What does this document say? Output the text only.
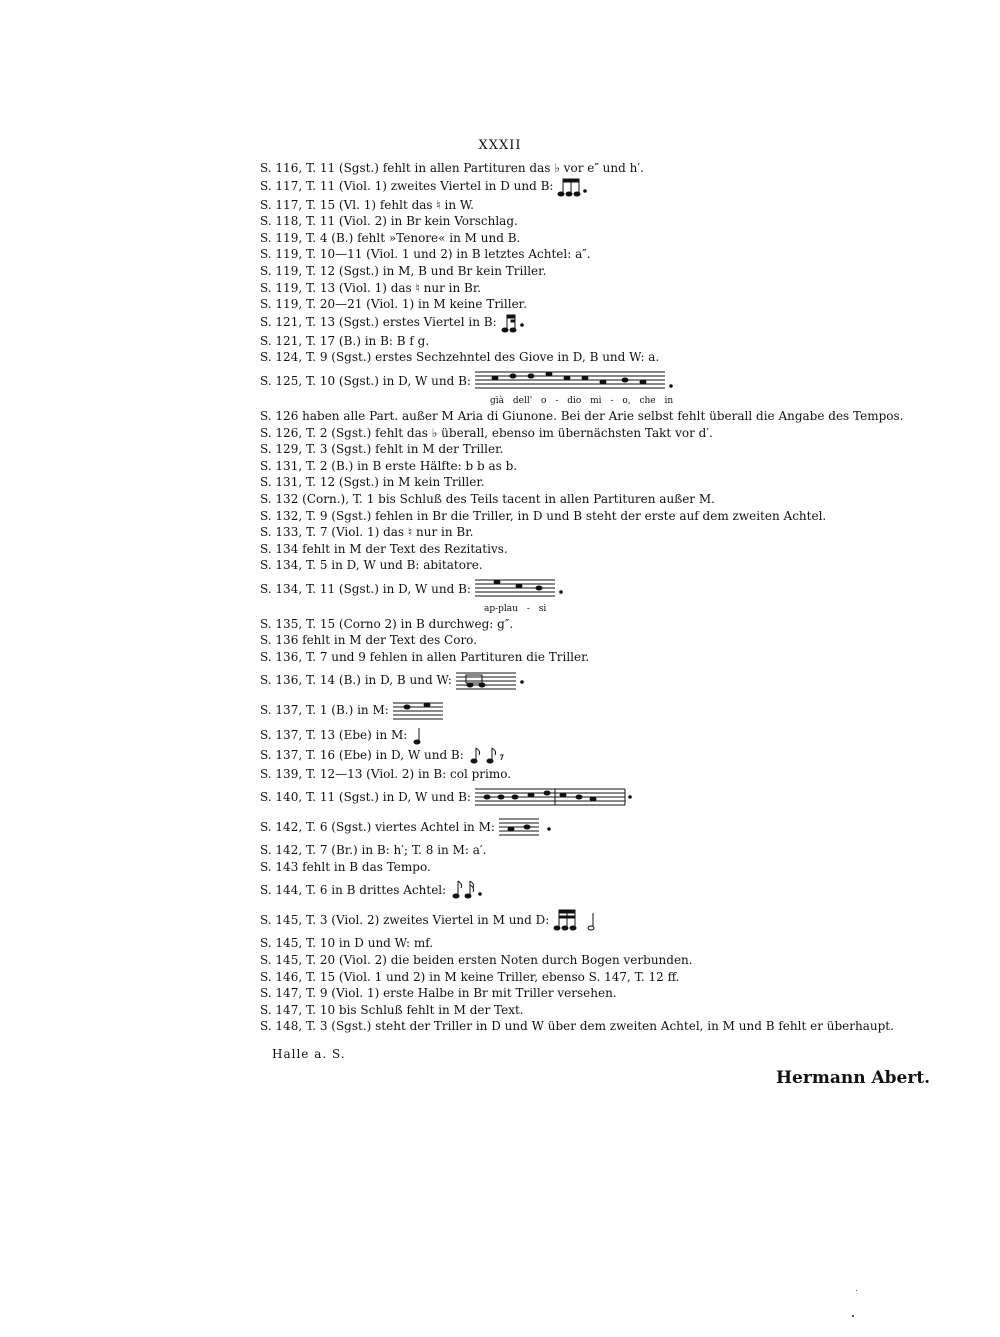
XXXII
S. 116, T. 11 (Sgst.) fehlt in allen Partituren das ♭ vor e″ und h′.
S. 117, T. 11 (Viol. 1) zweites Viertel in D und B:
S. 117, T. 15 (Vl. 1) fehlt das ♮ in W.
S. 118, T. 11 (Viol. 2) in Br kein Vorschlag.
S. 119, T. 4 (B.) fehlt »Tenore« in M und B.
S. 119, T. 10—11 (Viol. 1 und 2) in B letztes Achtel: a″.
S. 119, T. 12 (Sgst.) in M, B und Br kein Triller.
S. 119, T. 13 (Viol. 1) das ♮ nur in Br.
S. 119, T. 20—21 (Viol. 1) in M keine Triller.
S. 121, T. 13 (Sgst.) erstes Viertel in B:
S. 121, T. 17 (B.) in B: B f g.
S. 124, T. 9 (Sgst.) erstes Sechzehntel des Giove in D, B und W: a.
S. 125, T. 10 (Sgst.) in D, W und B:
già dell' o - dio mi - o, che in
S. 126 haben alle Part. außer M Aria di Giunone. Bei der Arie selbst fehlt überall die Angabe des Tempos.
S. 126, T. 2 (Sgst.) fehlt das ♭ überall, ebenso im übernächsten Takt vor d′.
S. 129, T. 3 (Sgst.) fehlt in M der Triller.
S. 131, T. 2 (B.) in B erste Hälfte: b b as b.
S. 131, T. 12 (Sgst.) in M kein Triller.
S. 132 (Corn.), T. 1 bis Schluß des Teils tacent in allen Partituren außer M.
S. 132, T. 9 (Sgst.) fehlen in Br die Triller, in D und B steht der erste auf dem zweiten Achtel.
S. 133, T. 7 (Viol. 1) das ♮ nur in Br.
S. 134 fehlt in M der Text des Rezitativs.
S. 134, T. 5 in D, W und B: abitatore.
S. 134, T. 11 (Sgst.) in D, W und B:
ap-plau - si
S. 135, T. 15 (Corno 2) in B durchweg: g″.
S. 136 fehlt in M der Text des Coro.
S. 136, T. 7 und 9 fehlen in allen Partituren die Triller.
S. 136, T. 14 (B.) in D, B und W:
S. 137, T. 1 (B.) in M:
S. 137, T. 13 (Ebe) in M:
S. 137, T. 16 (Ebe) in D, W und B:
S. 139, T. 12—13 (Viol. 2) in B: col primo.
S. 140, T. 11 (Sgst.) in D, W und B:
S. 142, T. 6 (Sgst.) viertes Achtel in M:
S. 142, T. 7 (Br.) in B: h′; T. 8 in M: a′.
S. 143 fehlt in B das Tempo.
S. 144, T. 6 in B drittes Achtel:
S. 145, T. 3 (Viol. 2) zweites Viertel in M und D:
S. 145, T. 10 in D und W: mf.
S. 145, T. 20 (Viol. 2) die beiden ersten Noten durch Bogen verbunden.
S. 146, T. 15 (Viol. 1 und 2) in M keine Triller, ebenso S. 147, T. 12 ff.
S. 147, T. 9 (Viol. 1) erste Halbe in Br mit Triller versehen.
S. 147, T. 10 bis Schluß fehlt in M der Text.
S. 148, T. 3 (Sgst.) steht der Triller in D und W über dem zweiten Achtel, in M und B fehlt er überhaupt.
Halle a. S.
Hermann Abert.
